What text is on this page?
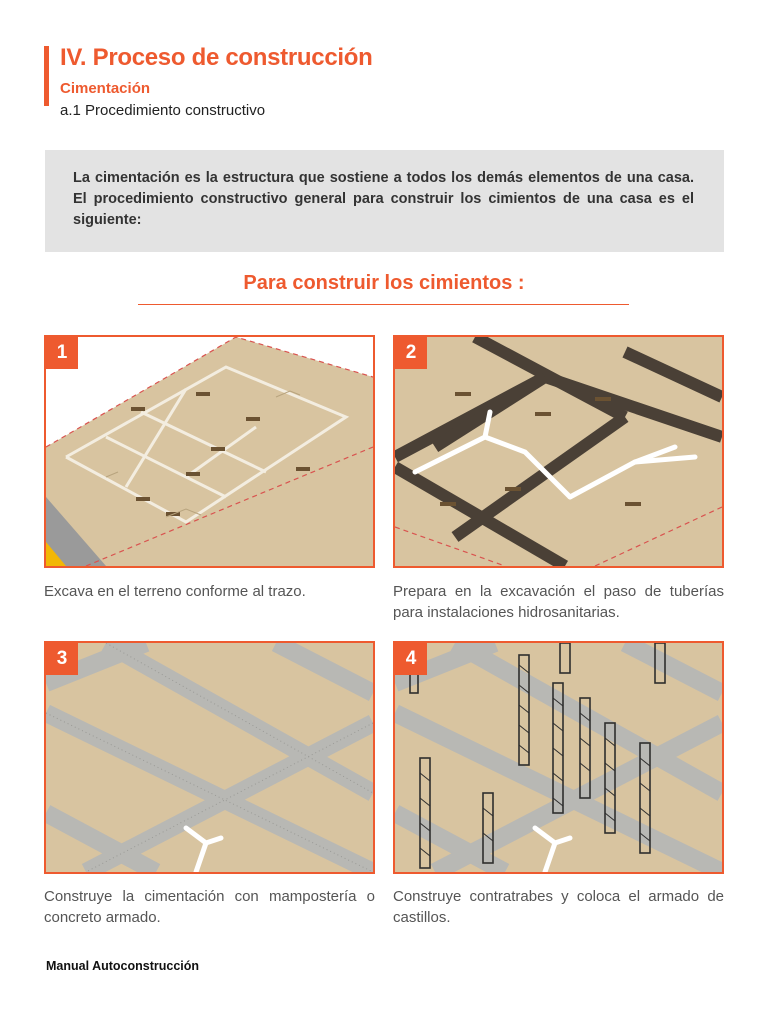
IV. Proceso de construcción
Cimentación
a.1 Procedimiento constructivo

La cimentación es la estructura que sostiene a todos los demás elementos de una casa. El procedimiento constructivo general para construir los cimientos de una casa es el siguiente:

Para construir los cimientos :
1
Excava en el terreno conforme al trazo.
2
Prepara en la excavación el paso de tuberías para instalaciones hidrosanitarias.
3
Construye la cimentación con mampostería o concreto armado.
4
Construye contratrabes y coloca el armado de castillos.
Manual Autoconstrucción
